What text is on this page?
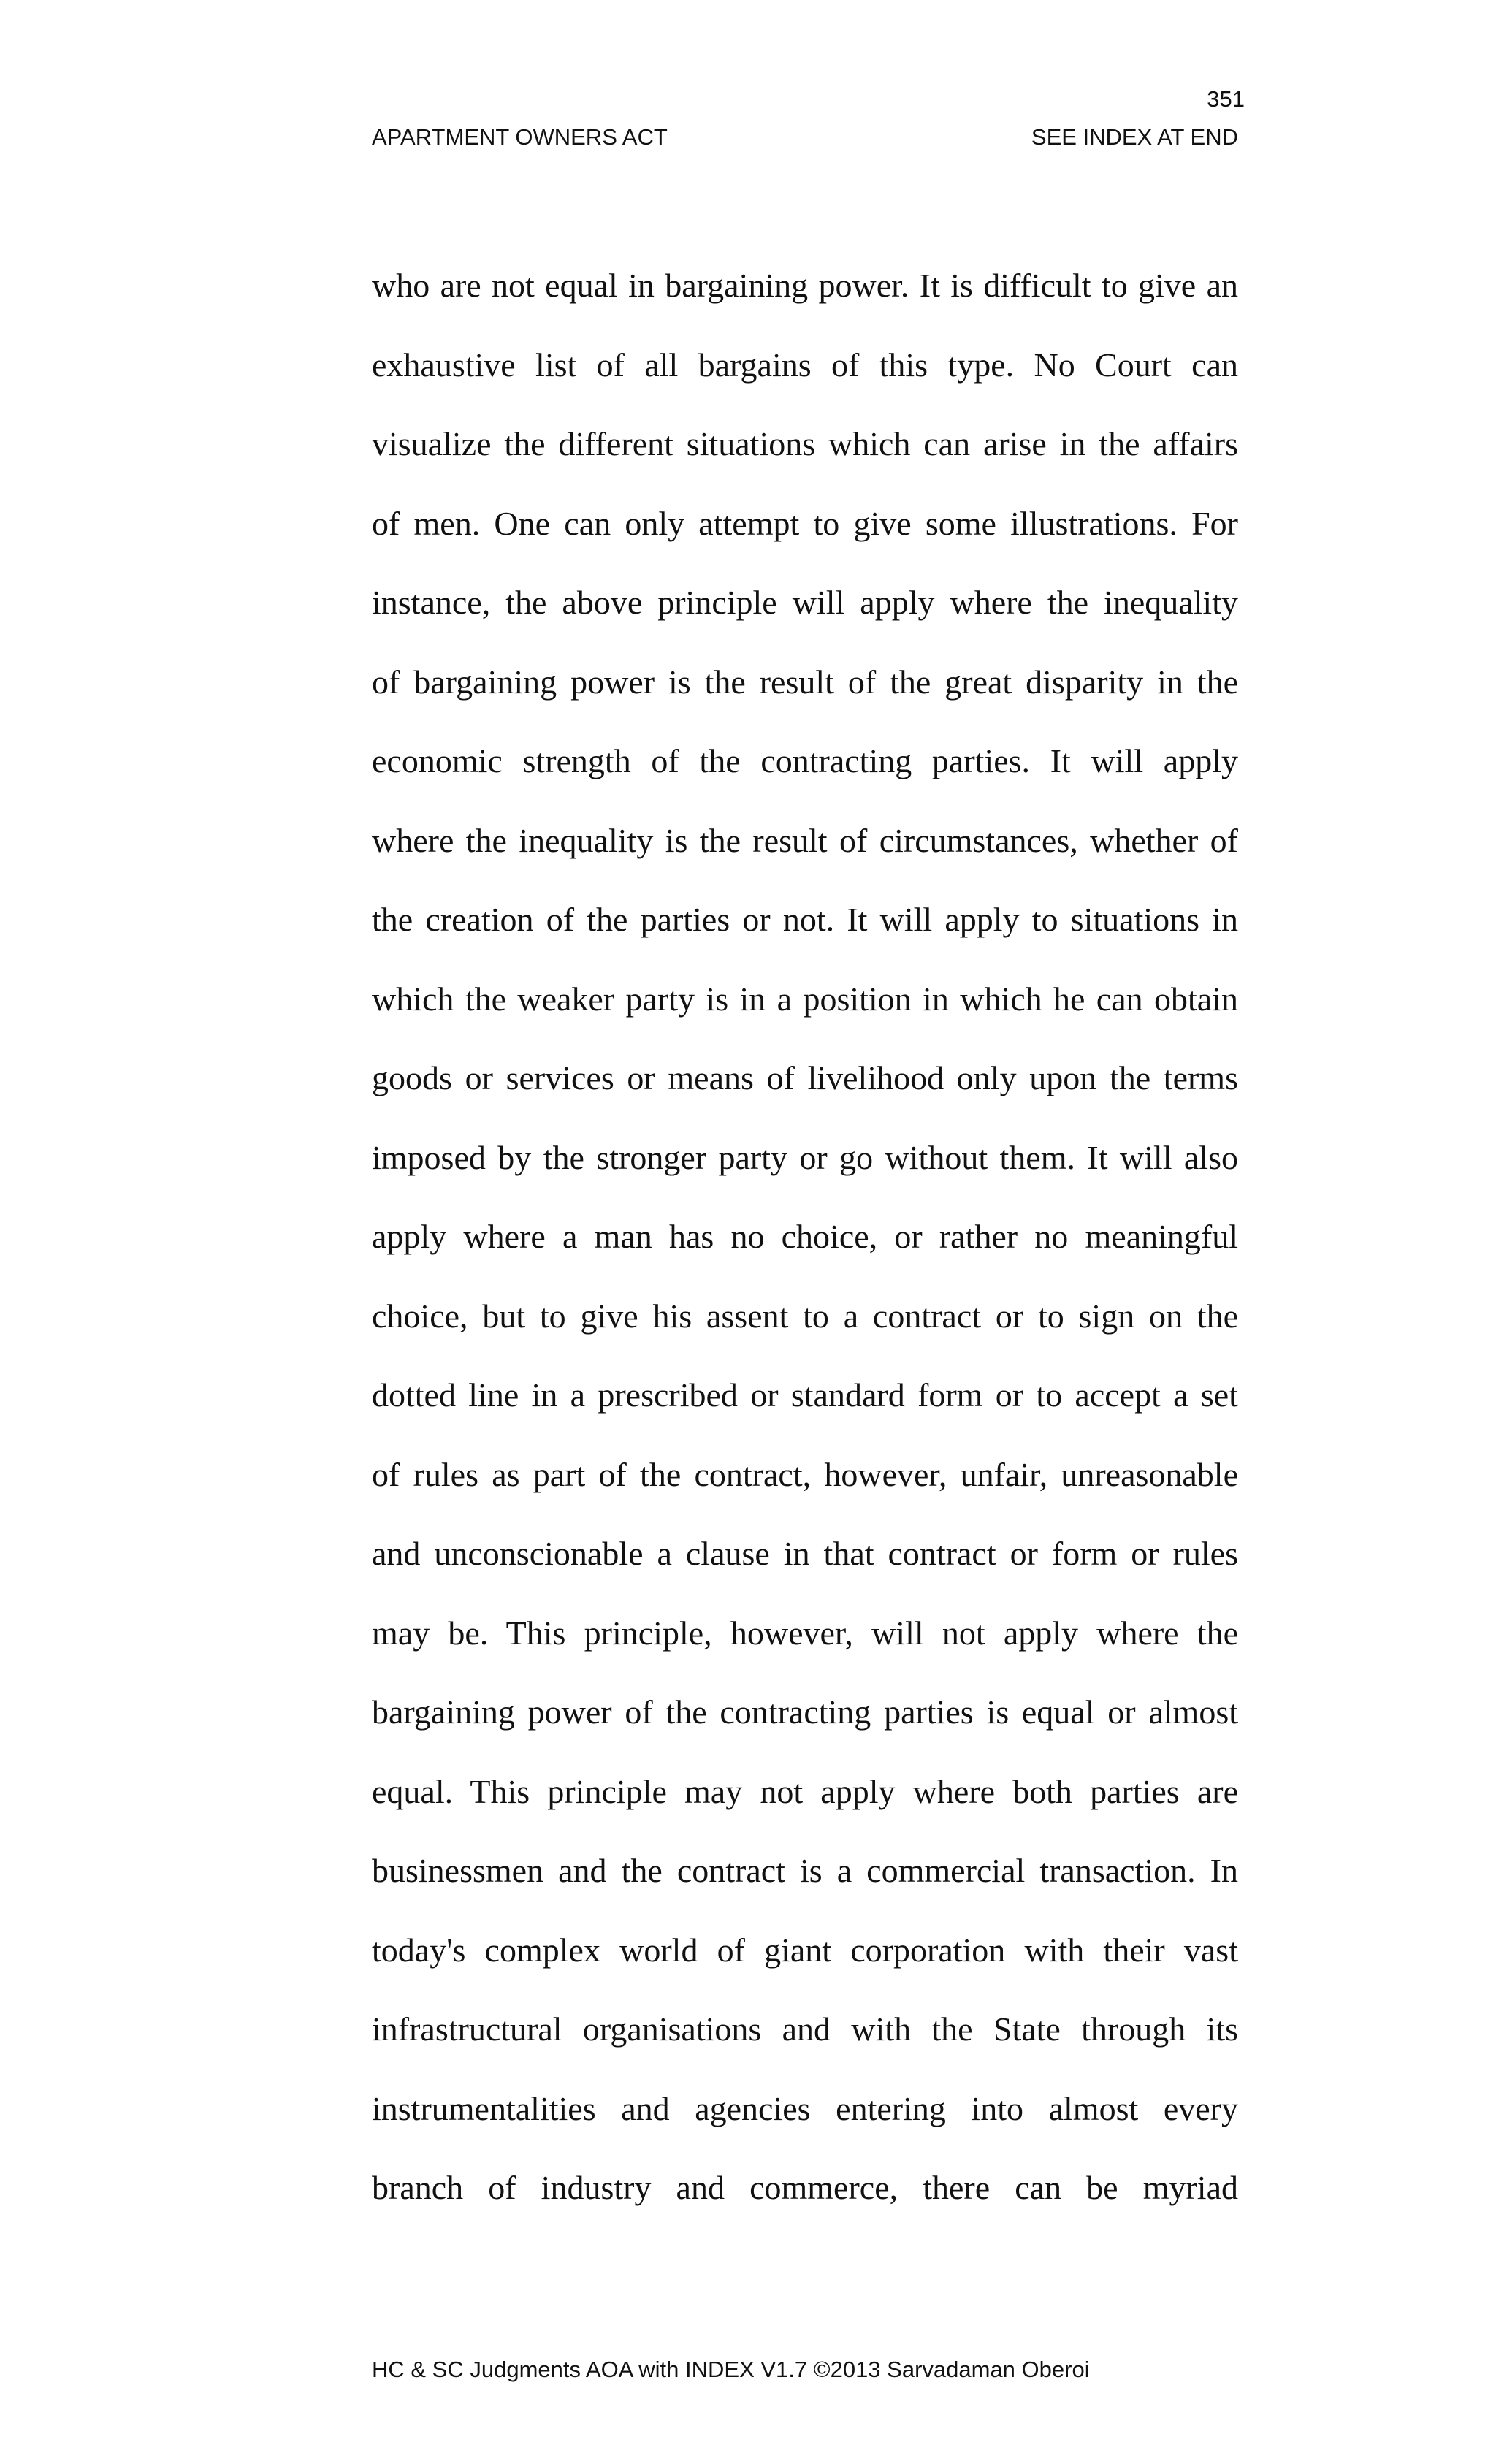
351
APARTMENT OWNERS ACT	SEE INDEX AT END
who are not equal in bargaining power. It is difficult to give an
exhaustive list of all bargains of this type. No Court can
visualize the different situations which can arise in the affairs
of men. One can only attempt to give some illustrations. For
instance, the above principle will apply where the inequality
of bargaining power is the result of the great disparity in the
economic strength of the contracting parties. It will apply
where the inequality is the result of circumstances, whether of
the creation of the parties or not. It will apply to situations in
which the weaker party is in a position in which he can obtain
goods or services or means of livelihood only upon the terms
imposed by the stronger party or go without them. It will also
apply where a man has no choice, or rather no meaningful
choice, but to give his assent to a contract or to sign on the
dotted line in a prescribed or standard form or to accept a set
of rules as part of the contract, however, unfair, unreasonable
and unconscionable a clause in that contract or form or rules
may be. This principle, however, will not apply where the
bargaining power of the contracting parties is equal or almost
equal. This principle may not apply where both parties are
businessmen and the contract is a commercial transaction. In
today's complex world of giant corporation with their vast
infrastructural organisations and with the State through its
instrumentalities and agencies entering into almost every
branch of industry and commerce, there can be myriad
HC & SC Judgments AOA with INDEX V1.7 ©2013 Sarvadaman Oberoi
